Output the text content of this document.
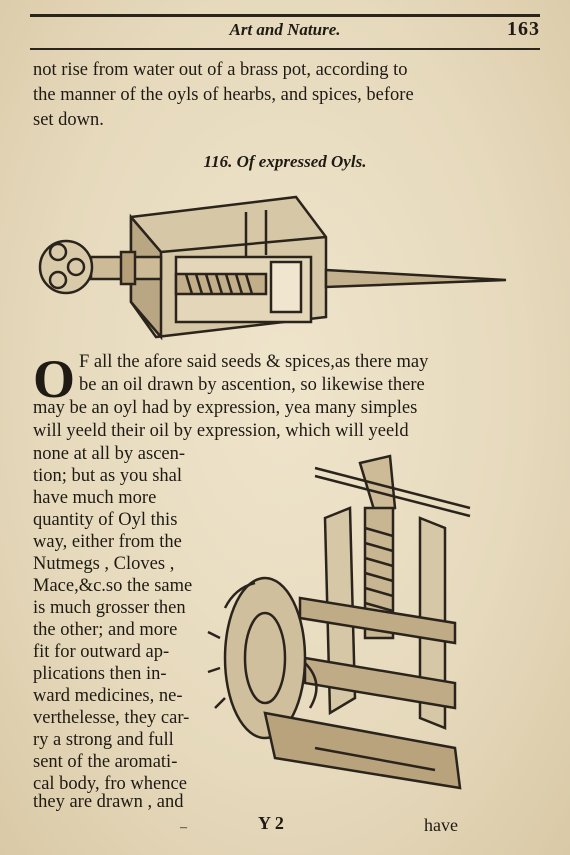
Art and Nature.	163
not rise from water out of a brass pot, according to
the manner of the oyls of hearbs, and spices, before
set down.
116. Of expressed Oyls.
O F all the afore said seeds & spices,as there may
be an oil drawn by ascention, so likewise there
may be an oyl had by expression, yea many simples
will yeeld their oil by expression, which will yeeld
none at all by ascen-
tion; but as you shal
have much more
quantity of Oyl this
way, either from the
Nutmegs , Cloves ,
Mace,&c.so the same
is much grosser then
the other; and more
fit for outward ap-
plications then in-
ward medicines, ne-
verthelesse, they car-
ry a strong and full
sent of the aromati-
cal body, fro whence
they are drawn , and
–	Y 2	have
